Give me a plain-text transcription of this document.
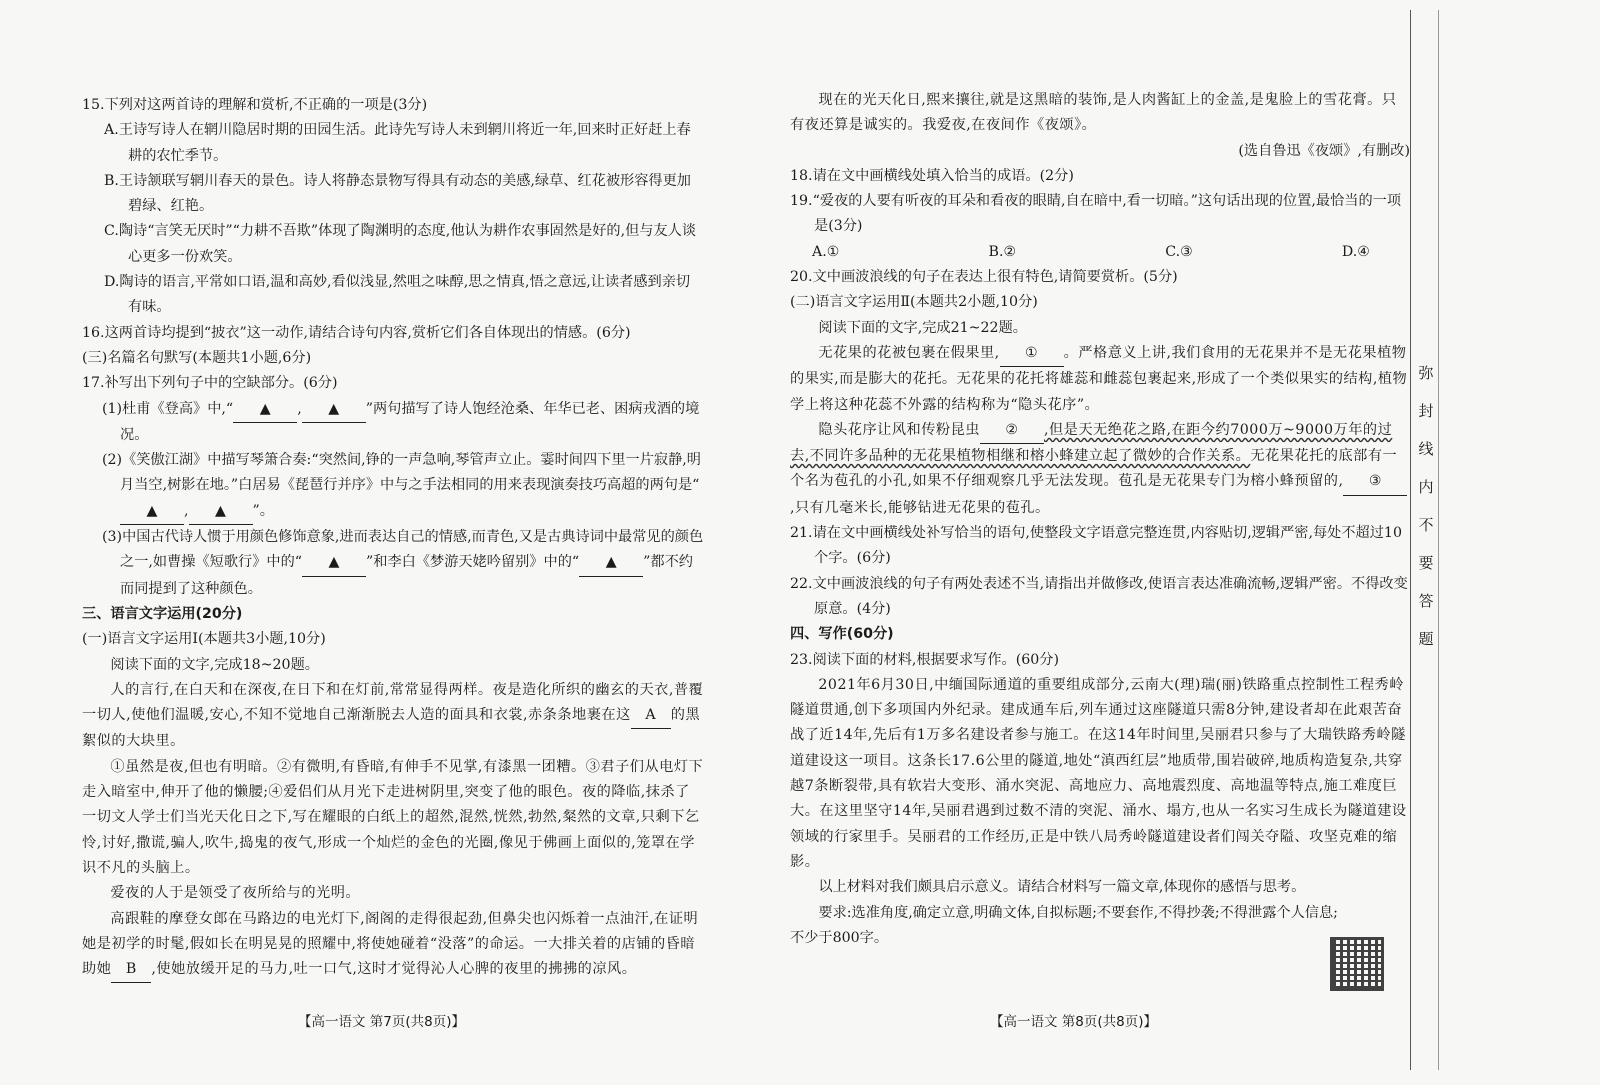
15.下列对这两首诗的理解和赏析,不正确的一项是(3分)

A.王诗写诗人在辋川隐居时期的田园生活。此诗先写诗人未到辋川将近一年,回来时正好赶上春耕的农忙季节。

B.王诗颔联写辋川春天的景色。诗人将静态景物写得具有动态的美感,绿草、红花被形容得更加碧绿、红艳。

C.陶诗“言笑无厌时”“力耕不吾欺”体现了陶渊明的态度,他认为耕作农事固然是好的,但与友人谈心更多一份欢笑。

D.陶诗的语言,平常如口语,温和高妙,看似浅显,然咀之味醇,思之情真,悟之意远,让读者感到亲切有味。

16.这两首诗均提到“披衣”这一动作,请结合诗句内容,赏析它们各自体现出的情感。(6分)

(三)名篇名句默写(本题共1小题,6分)

17.补写出下列句子中的空缺部分。(6分)

(1)杜甫《登高》中,“ ▲ , ▲ ”两句描写了诗人饱经沧桑、年华已老、困病戎酒的境况。

(2)《笑傲江湖》中描写琴箫合奏:“突然间,铮的一声急响,琴管声立止。霎时间四下里一片寂静,明月当空,树影在地。”白居易《琵琶行并序》中与之手法相同的用来表现演奏技巧高超的两句是“▲ , ▲ ”。

(3)中国古代诗人惯于用颜色修饰意象,进而表达自己的情感,而青色,又是古典诗词中最常见的颜色之一,如曹操《短歌行》中的“ ▲ ”和李白《梦游天姥吟留别》中的“ ▲ ”都不约而同提到了这种颜色。

三、语言文字运用(20分)

(一)语言文字运用Ⅰ(本题共3小题,10分)

阅读下面的文字,完成18~20题。

人的言行,在白天和在深夜,在日下和在灯前,常常显得两样。夜是造化所织的幽玄的天衣,普覆一切人,使他们温暖,安心,不知不觉地自己渐渐脱去人造的面具和衣裳,赤条条地裹在这 A 的黑絮似的大块里。

①虽然是夜,但也有明暗。②有微明,有昏暗,有伸手不见掌,有漆黑一团糟。③君子们从电灯下走入暗室中,伸开了他的懒腰;④爱侣们从月光下走进树阴里,突变了他的眼色。夜的降临,抹杀了一切文人学士们当光天化日之下,写在耀眼的白纸上的超然,混然,恍然,勃然,粲然的文章,只剩下乞怜,讨好,撒谎,骗人,吹牛,捣鬼的夜气,形成一个灿烂的金色的光圈,像见于佛画上面似的,笼罩在学识不凡的头脑上。

爱夜的人于是领受了夜所给与的光明。

高跟鞋的摩登女郎在马路边的电光灯下,阁阁的走得很起劲,但鼻尖也闪烁着一点油汗,在证明她是初学的时髦,假如长在明晃晃的照耀中,将使她碰着“没落”的命运。一大排关着的店铺的昏暗助她 B ,使她放缓开足的马力,吐一口气,这时才觉得沁人心脾的夜里的拂拂的凉风。

【高一语文 第7页(共8页)】

现在的光天化日,熙来攘往,就是这黑暗的装饰,是人肉酱缸上的金盖,是鬼脸上的雪花膏。只有夜还算是诚实的。我爱夜,在夜间作《夜颂》。

(选自鲁迅《夜颂》,有删改)

18.请在文中画横线处填入恰当的成语。(2分)

19.“爱夜的人要有听夜的耳朵和看夜的眼睛,自在暗中,看一切暗。”这句话出现的位置,最恰当的一项是(3分)

A.①	B.②	C.③	D.④

20.文中画波浪线的句子在表达上很有特色,请简要赏析。(5分)

(二)语言文字运用Ⅱ(本题共2小题,10分)

阅读下面的文字,完成21~22题。

无花果的花被包裹在假果里, ① 。严格意义上讲,我们食用的无花果并不是无花果植物的果实,而是膨大的花托。无花果的花托将雄蕊和雌蕊包裹起来,形成了一个类似果实的结构,植物学上将这种花蕊不外露的结构称为“隐头花序”。

隐头花序让风和传粉昆虫 ② ,但是天无绝花之路,在距今约7000万~9000万年的过去,不同许多品种的无花果植物相继和榕小蜂建立起了微妙的合作关系。无花果花托的底部有一个名为苞孔的小孔,如果不仔细观察几乎无法发现。苞孔是无花果专门为榕小蜂预留的, ③,只有几毫米长,能够钻进无花果的苞孔。

21.请在文中画横线处补写恰当的语句,使整段文字语意完整连贯,内容贴切,逻辑严密,每处不超过10个字。(6分)

22.文中画波浪线的句子有两处表述不当,请指出并做修改,使语言表达准确流畅,逻辑严密。不得改变原意。(4分)

四、写作(60分)

23.阅读下面的材料,根据要求写作。(60分)

2021年6月30日,中缅国际通道的重要组成部分,云南大(理)瑞(丽)铁路重点控制性工程秀岭隧道贯通,创下多项国内外纪录。建成通车后,列车通过这座隧道只需8分钟,建设者却在此艰苦奋战了近14年,先后有1万多名建设者参与施工。在这14年时间里,吴丽君只参与了大瑞铁路秀岭隧道建设这一项目。这条长17.6公里的隧道,地处“滇西红层”地质带,围岩破碎,地质构造复杂,共穿越7条断裂带,具有软岩大变形、涌水突泥、高地应力、高地震烈度、高地温等特点,施工难度巨大。在这里坚守14年,吴丽君遇到过数不清的突泥、涌水、塌方,也从一名实习生成长为隧道建设领域的行家里手。吴丽君的工作经历,正是中铁八局秀岭隧道建设者们闯关夺隘、攻坚克难的缩影。

以上材料对我们颇具启示意义。请结合材料写一篇文章,体现你的感悟与思考。

要求:选准角度,确定立意,明确文体,自拟标题;不要套作,不得抄袭;不得泄露个人信息;不少于800字。

【高一语文 第8页(共8页)】
弥
封
线
内
不
要
答
题
